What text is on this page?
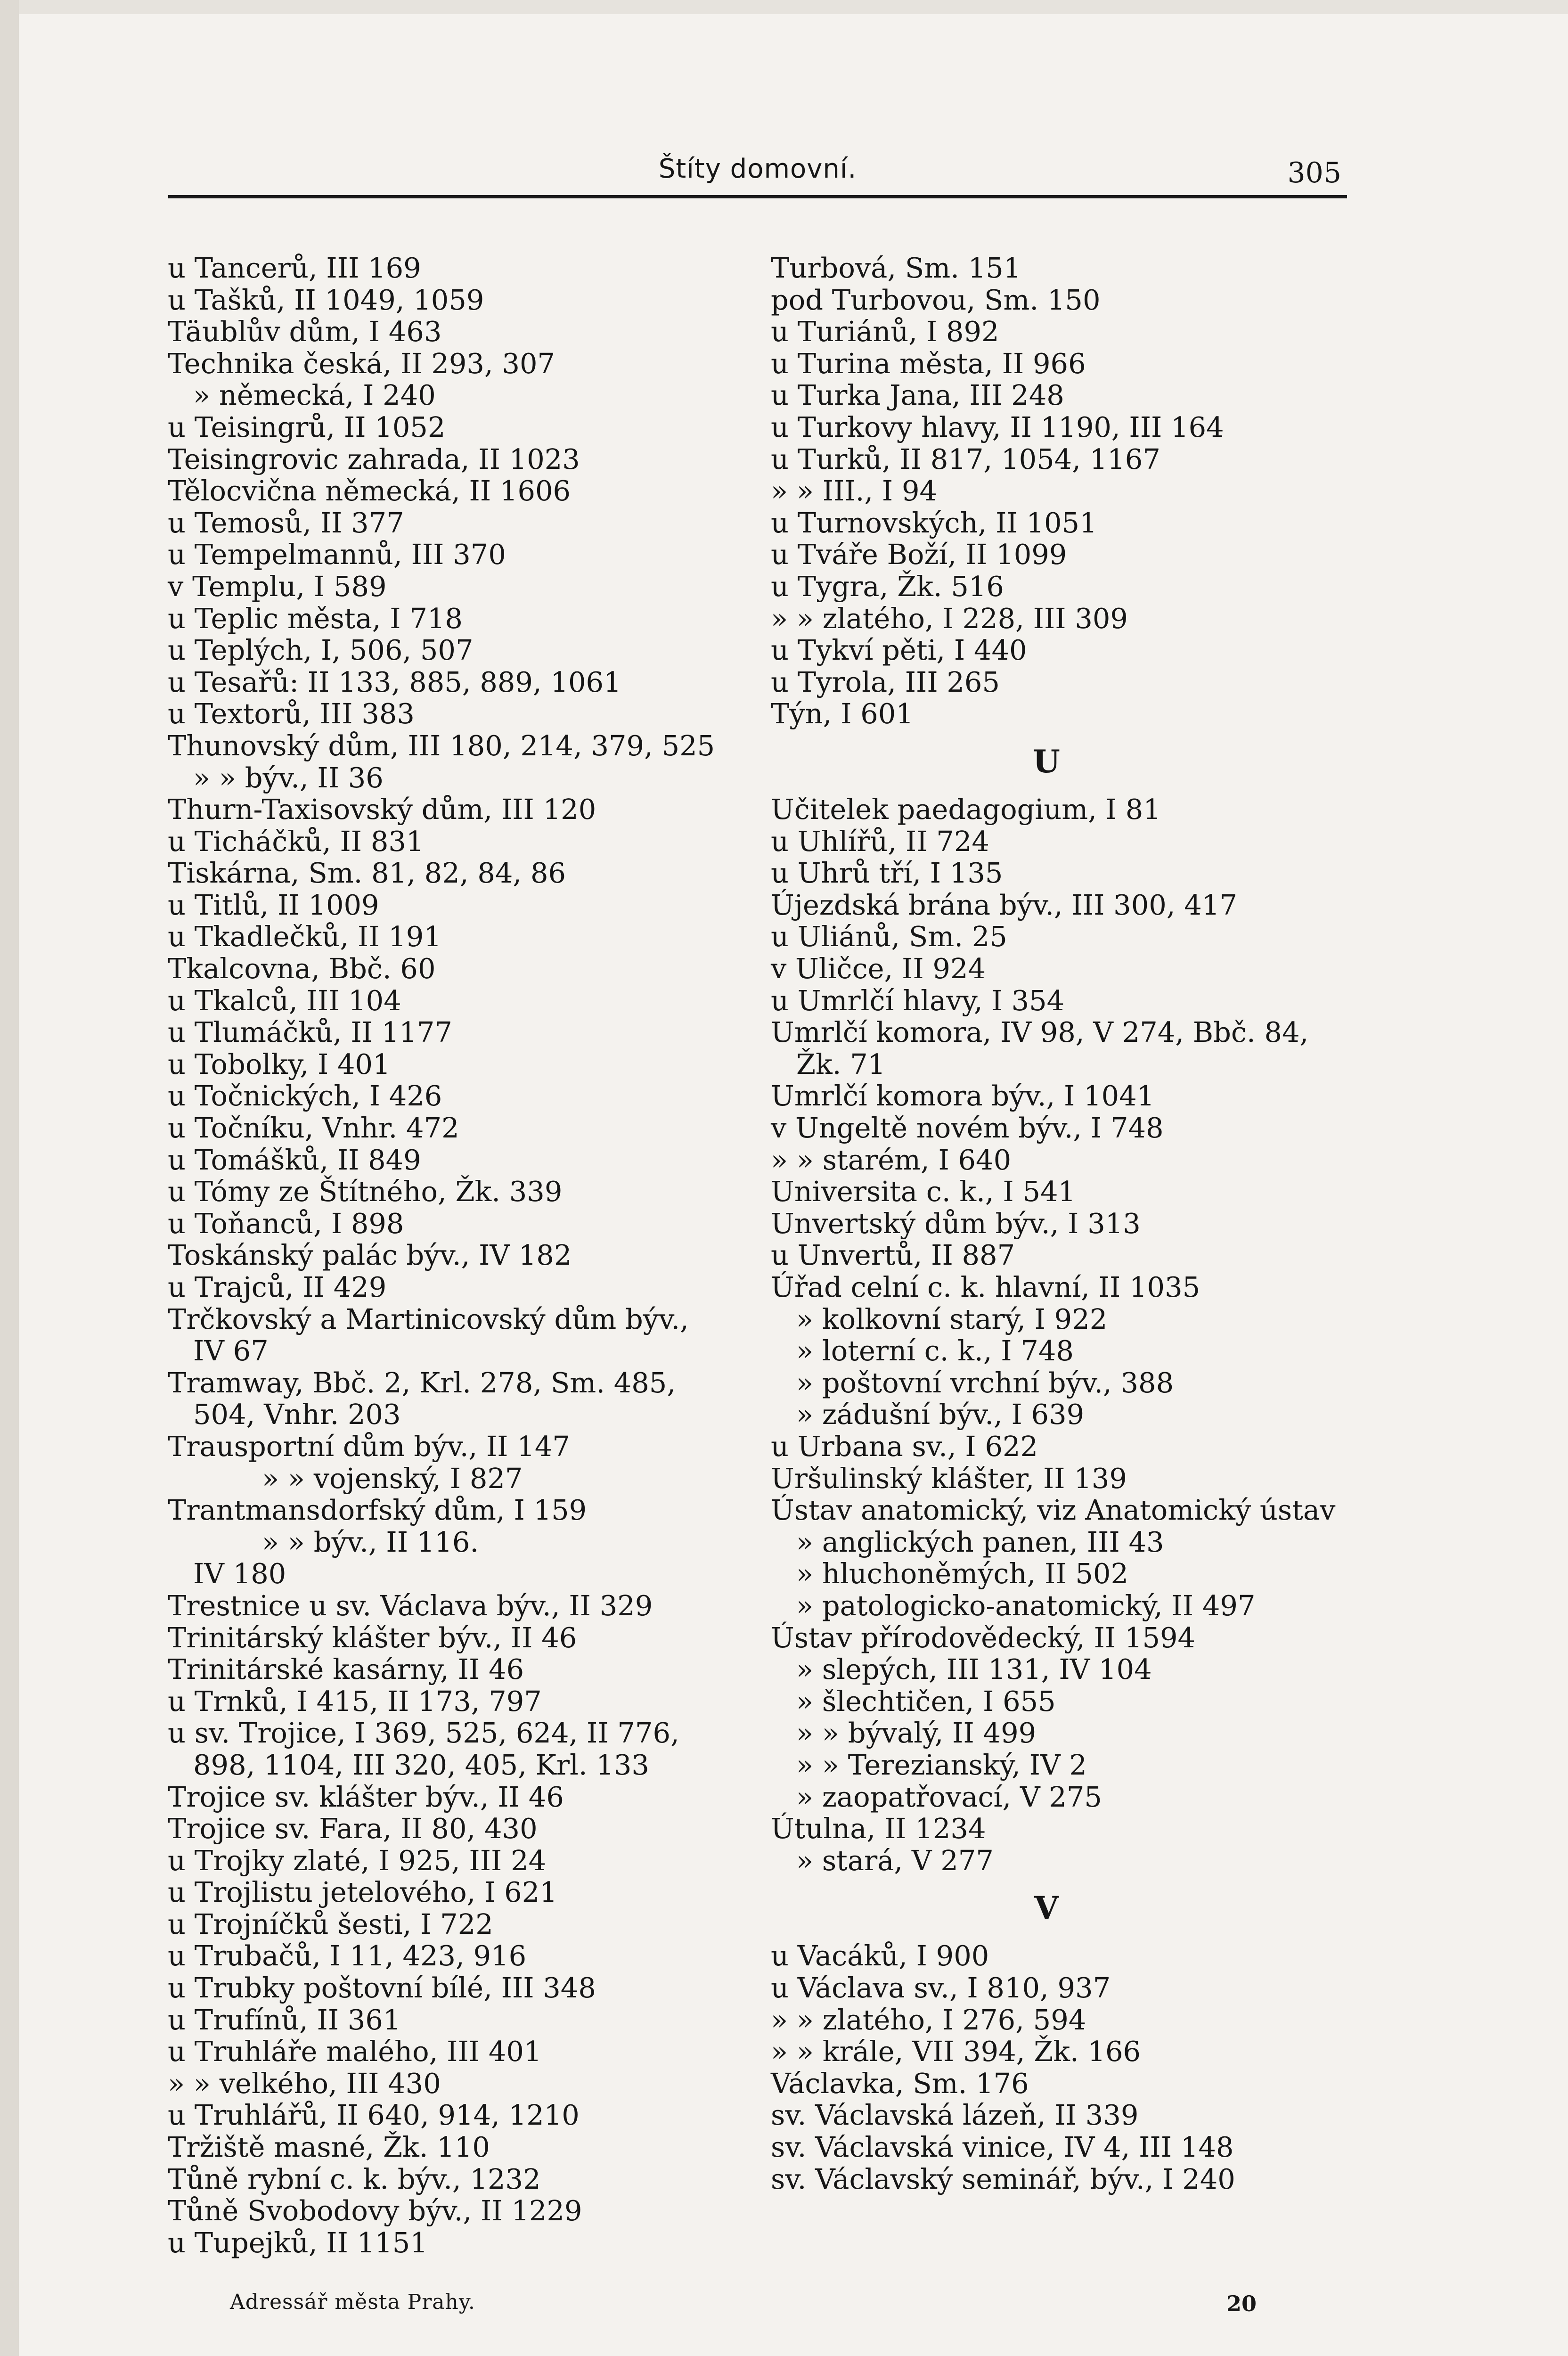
Štíty domovní.	305
u Tancerů, III 169
u Tašků, II 1049, 1059
Täublův dům, I 463
Technika česká, II 293, 307
» německá, I 240
u Teisingrů, II 1052
Teisingrovic zahrada, II 1023
Tělocvična německá, II 1606
u Temosů, II 377
u Tempelmannů, III 370
v Templu, I 589
u Teplic města, I 718
u Teplých, I, 506, 507
u Tesařů: II 133, 885, 889, 1061
u Textorů, III 383
Thunovský dům, III 180, 214, 379, 525
» » býv., II 36
Thurn-Taxisovský dům, III 120
u Ticháčků, II 831
Tiskárna, Sm. 81, 82, 84, 86
u Titlů, II 1009
u Tkadlečků, II 191
Tkalcovna, Bbč. 60
u Tkalců, III 104
u Tlumáčků, II 1177
u Tobolky, I 401
u Točnických, I 426
u Točníku, Vnhr. 472
u Tomášků, II 849
u Tómy ze Štítného, Žk. 339
u Toňanců, I 898
Toskánský palác býv., IV 182
u Trajců, II 429
Trčkovský a Martinicovský dům býv.,
IV 67
Tramway, Bbč. 2, Krl. 278, Sm. 485,
504, Vnhr. 203
Trausportní dům býv., II 147
» » vojenský, I 827
Trantmansdorfský dům, I 159
» » býv., II 116.
IV 180
Trestnice u sv. Václava býv., II 329
Trinitárský klášter býv., II 46
Trinitárské kasárny, II 46
u Trnků, I 415, II 173, 797
u sv. Trojice, I 369, 525, 624, II 776,
898, 1104, III 320, 405, Krl. 133
Trojice sv. klášter býv., II 46
Trojice sv. Fara, II 80, 430
u Trojky zlaté, I 925, III 24
u Trojlistu jetelového, I 621
u Trojníčků šesti, I 722
u Trubačů, I 11, 423, 916
u Trubky poštovní bílé, III 348
u Trufínů, II 361
u Truhláře malého, III 401
» » velkého, III 430
u Truhlářů, II 640, 914, 1210
Tržiště masné, Žk. 110
Tůně rybní c. k. býv., 1232
Tůně Svobodovy býv., II 1229
u Tupejků, II 1151
Turbová, Sm. 151
pod Turbovou, Sm. 150
u Turiánů, I 892
u Turina města, II 966
u Turka Jana, III 248
u Turkovy hlavy, II 1190, III 164
u Turků, II 817, 1054, 1167
» » III., I 94
u Turnovských, II 1051
u Tváře Boží, II 1099
u Tygra, Žk. 516
» » zlatého, I 228, III 309
u Tykví pěti, I 440
u Tyrola, III 265
Týn, I 601
U
Učitelek paedagogium, I 81
u Uhlířů, II 724
u Uhrů tří, I 135
Újezdská brána býv., III 300, 417
u Uliánů, Sm. 25
v Uličce, II 924
u Umrlčí hlavy, I 354
Umrlčí komora, IV 98, V 274, Bbč. 84,
Žk. 71
Umrlčí komora býv., I 1041
v Ungeltě novém býv., I 748
» » starém, I 640
Universita c. k., I 541
Unvertský dům býv., I 313
u Unvertů, II 887
Úřad celní c. k. hlavní, II 1035
» kolkovní starý, I 922
» loterní c. k., I 748
» poštovní vrchní býv., 388
» zádušní býv., I 639
u Urbana sv., I 622
Uršulinský klášter, II 139
Ústav anatomický, viz Anatomický ústav
» anglických panen, III 43
» hluchoněmých, II 502
» patologicko-anatomický, II 497
Ústav přírodovědecký, II 1594
» slepých, III 131, IV 104
» šlechtičen, I 655
» » bývalý, II 499
» » Terezianský, IV 2
» zaopatřovací, V 275
Útulna, II 1234
» stará, V 277
V
u Vacáků, I 900
u Václava sv., I 810, 937
» » zlatého, I 276, 594
» » krále, VII 394, Žk. 166
Václavka, Sm. 176
sv. Václavská lázeň, II 339
sv. Václavská vinice, IV 4, III 148
sv. Václavský seminář, býv., I 240
Adressář města Prahy.	20
